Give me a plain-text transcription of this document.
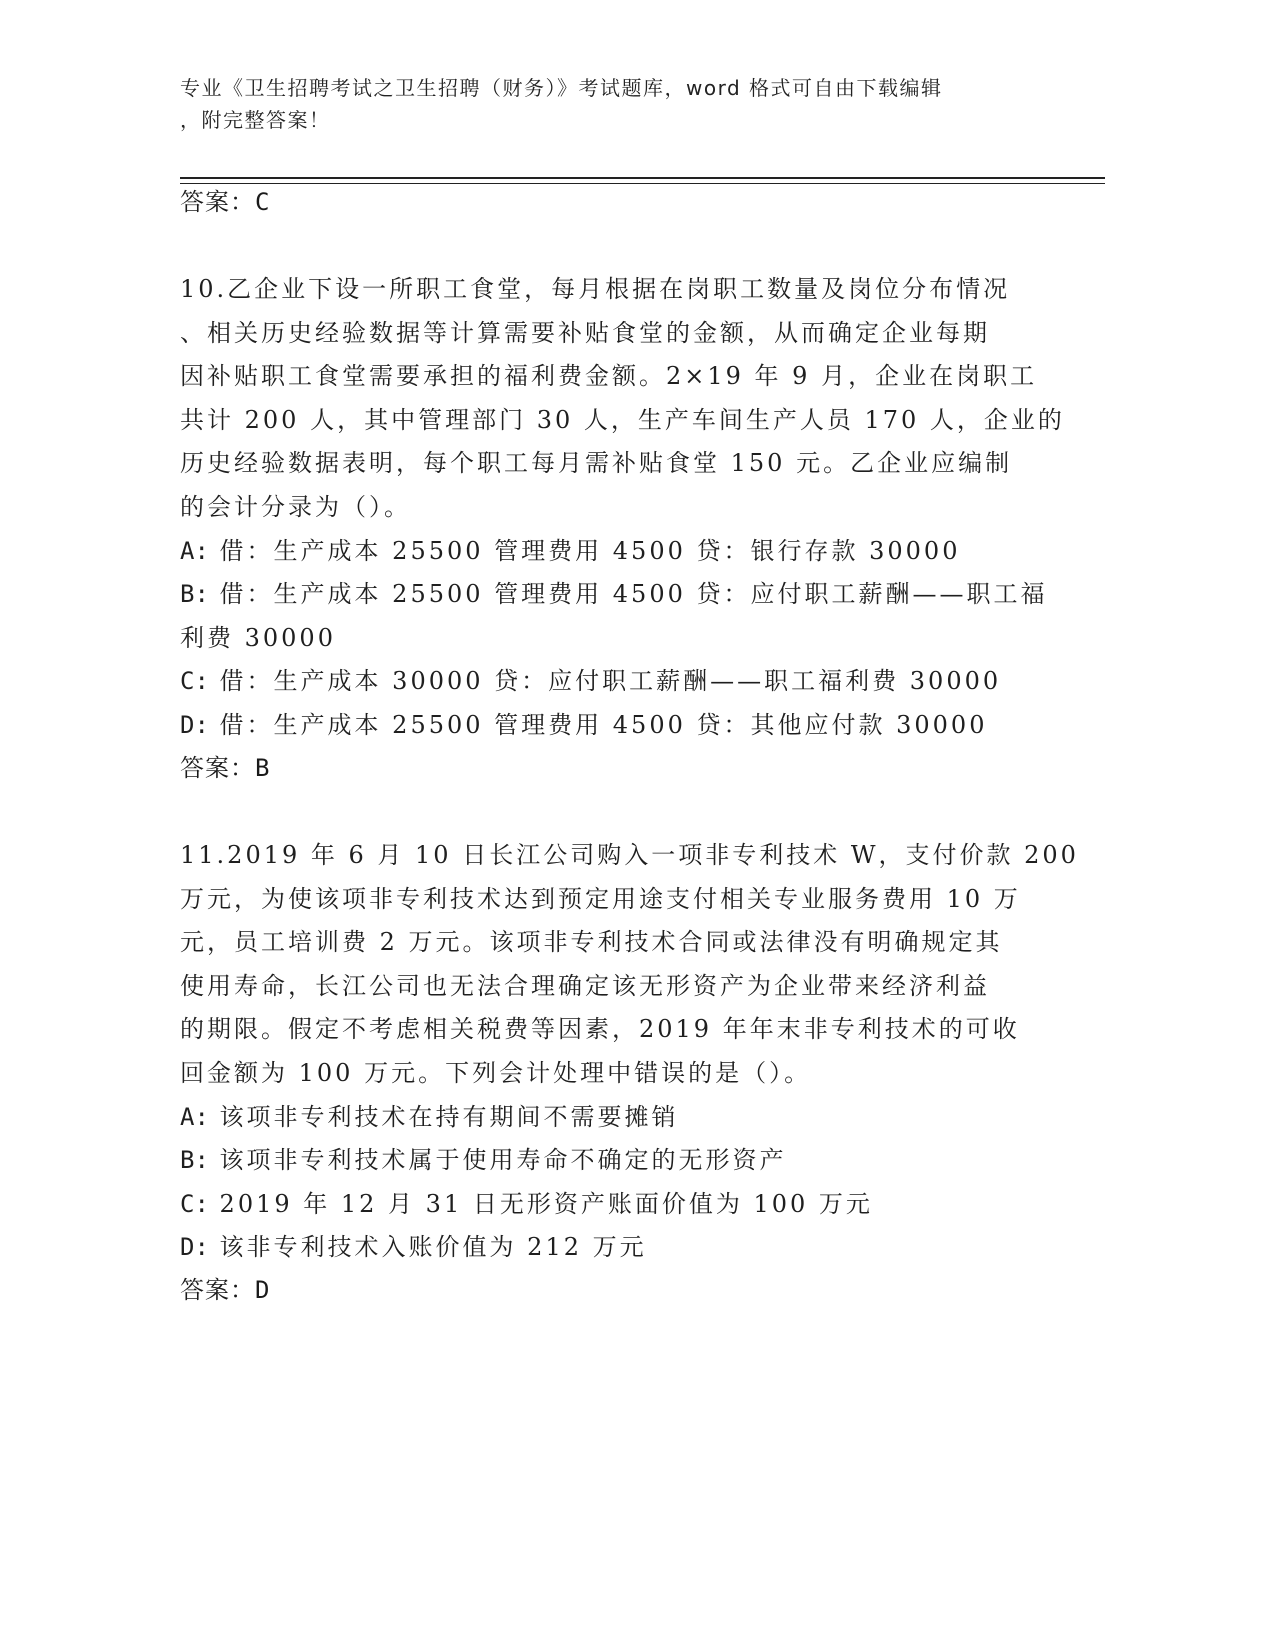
专业《卫生招聘考试之卫生招聘（财务）》考试题库，word 格式可自由下载编辑
，附完整答案！
答案：C
10.乙企业下设一所职工食堂，每月根据在岗职工数量及岗位分布情况
、相关历史经验数据等计算需要补贴食堂的金额，从而确定企业每期
因补贴职工食堂需要承担的福利费金额。2×19 年 9 月，企业在岗职工
共计 200 人，其中管理部门 30 人，生产车间生产人员 170 人，企业的
历史经验数据表明，每个职工每月需补贴食堂 150 元。乙企业应编制
的会计分录为（）。
A: 借：生产成本 25500 管理费用 4500 贷：银行存款 30000
B: 借：生产成本 25500 管理费用 4500 贷：应付职工薪酬——职工福
利费 30000
C: 借：生产成本 30000 贷：应付职工薪酬——职工福利费 30000
D: 借：生产成本 25500 管理费用 4500 贷：其他应付款 30000
答案：B
11.2019 年 6 月 10 日长江公司购入一项非专利技术 W，支付价款 200
万元，为使该项非专利技术达到预定用途支付相关专业服务费用 10 万
元，员工培训费 2 万元。该项非专利技术合同或法律没有明确规定其
使用寿命，长江公司也无法合理确定该无形资产为企业带来经济利益
的期限。假定不考虑相关税费等因素，2019 年年末非专利技术的可收
回金额为 100 万元。下列会计处理中错误的是（）。
A: 该项非专利技术在持有期间不需要摊销
B: 该项非专利技术属于使用寿命不确定的无形资产
C: 2019 年 12 月 31 日无形资产账面价值为 100 万元
D: 该非专利技术入账价值为 212 万元
答案：D
